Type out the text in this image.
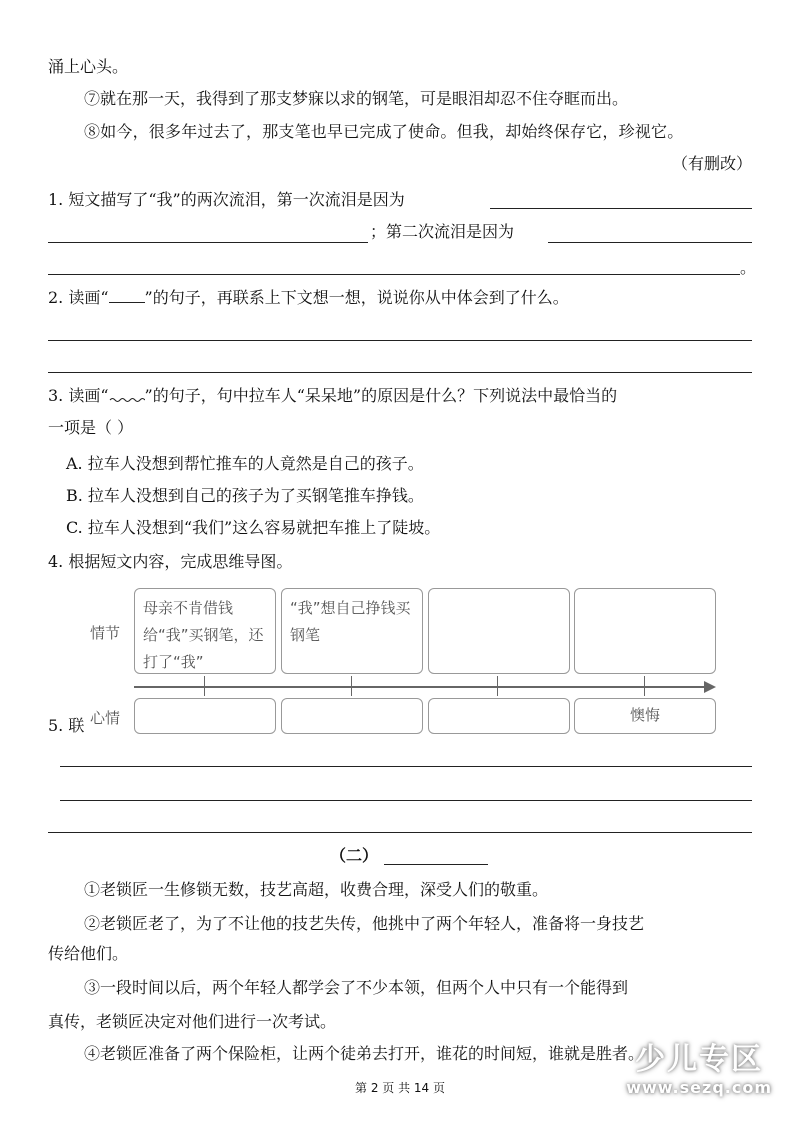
涌上心头。
⑦就在那一天，我得到了那支梦寐以求的钢笔，可是眼泪却忍不住夺眶而出。
⑧如今，很多年过去了，那支笔也早已完成了使命。但我，却始终保存它，珍视它。
（有删改）
1. 短文描写了“我”的两次流泪，第一次流泪是因为
；第二次流泪是因为
。
2. 读画“ ”的句子，再联系上下文想一想，说说你从中体会到了什么。
3. 读画“ ”的句子，句中拉车人“呆呆地”的原因是什么？下列说法中最恰当的
一项是（ ）
A. 拉车人没想到帮忙推车的人竟然是自己的孩子。
B. 拉车人没想到自己的孩子为了买钢笔推车挣钱。
C. 拉车人没想到“我们”这么容易就把车推上了陡坡。
4. 根据短文内容，完成思维导图。
情节
母亲不肯借钱给“我”买钢笔，还打了“我”
“我”想自己挣钱买钢笔
5. 联 心情	懊悔
（二）
①老锁匠一生修锁无数，技艺高超，收费合理，深受人们的敬重。
②老锁匠老了，为了不让他的技艺失传，他挑中了两个年轻人，准备将一身技艺
传给他们。
③一段时间以后，两个年轻人都学会了不少本领，但两个人中只有一个能得到
真传，老锁匠决定对他们进行一次考试。
④老锁匠准备了两个保险柜，让两个徒弟去打开，谁花的时间短，谁就是胜者。
第 2 页 共 14 页
少儿专区
www.sezq.com
